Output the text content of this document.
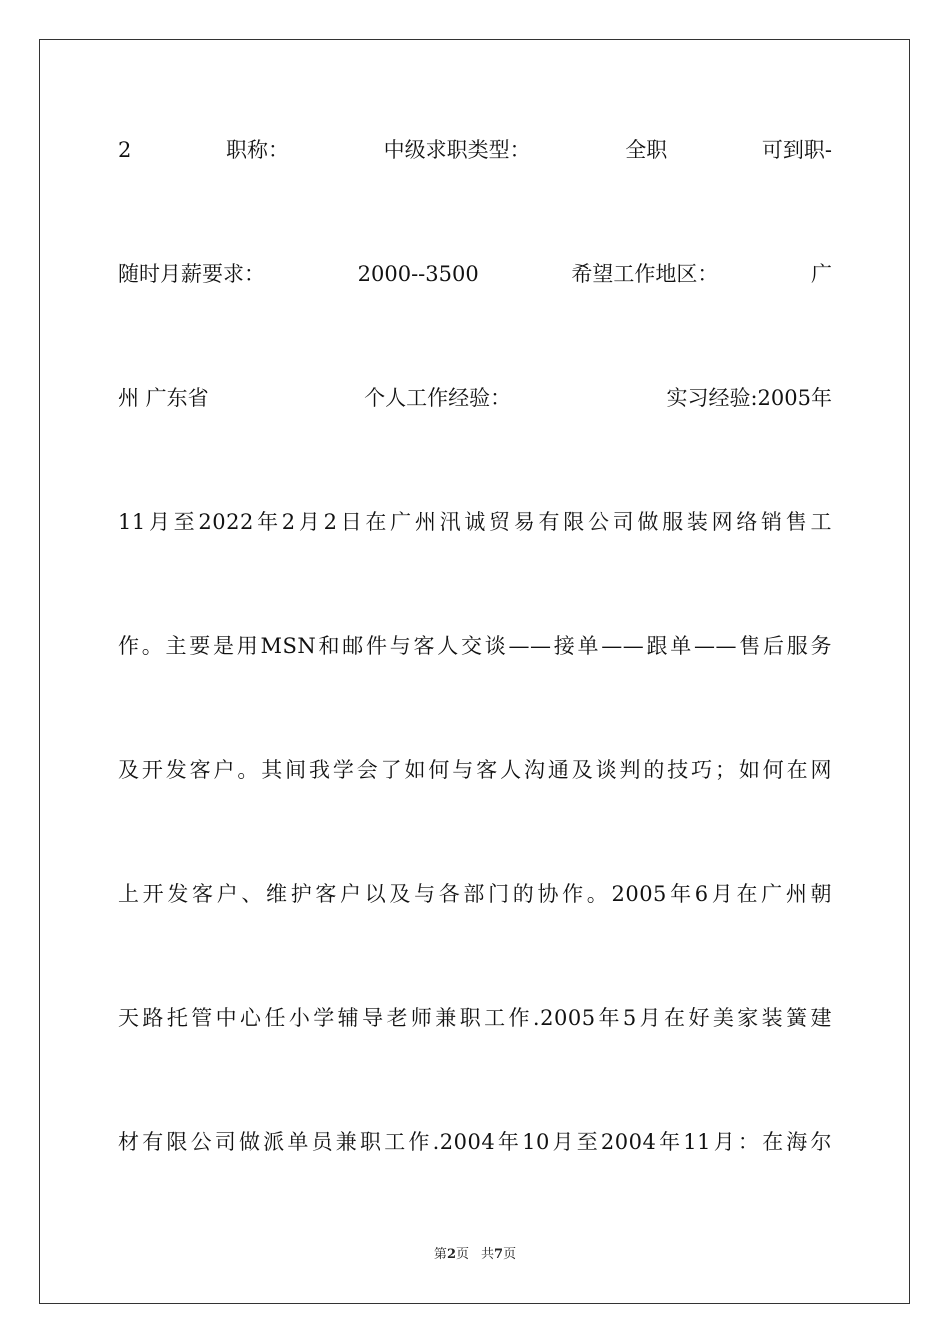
2	职称：	中级求职类型：	全职	可到职-
随时月薪要求：	2000--3500	希望工作地区：	广
州 广东省	个人工作经验：	实习经验:2005年
11月至2022年2月2日在广州汛诚贸易有限公司做服装网络销售工
作。主要是用MSN和邮件与客人交谈——接单——跟单——售后服务
及开发客户。其间我学会了如何与客人沟通及谈判的技巧；如何在网
上开发客户、维护客户以及与各部门的协作。2005年6月在广州朝
天路托管中心任小学辅导老师兼职工作.2005年5月在好美家装簧建
材有限公司做派单员兼职工作.2004年10月至2004年11月：在海尔
第2页 共7页
